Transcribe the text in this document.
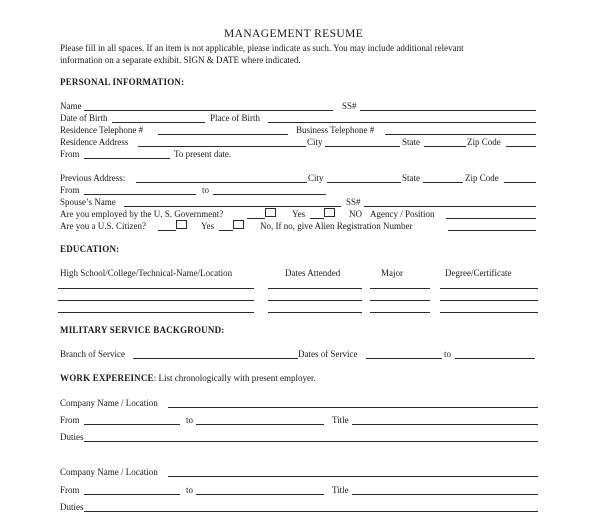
MANAGEMENT RESUME
Please fill in all spaces. If an item is not applicable, please indicate as such. You may include additional relevant
information on a separate exhibit. SIGN & DATE where indicated.
PERSONAL INFORMATION:
Name	SS#
Date of Birth	Place of Birth
Residence Telephone #	Business Telephone #
Residence Address	City	State	Zip Code
From	To present date.
Previous Address:	City	State	Zip Code
From	to
Spouse’s Name	SS#
Are you employed by the U. S. Government?	Yes	NO Agency / Position
Are you a U.S. Citizen?	Yes	No, If no, give Alien Registration Number
EDUCATION:
High School/College/Technical-Name/Location	Dates Attended	Major	Degree/Certificate
MILITARY SERVICE BACKGROUND:
Branch of Service	Dates of Service	to
WORK EXPEREINCE: List chronologically with present employer.
Company Name / Location
From	to	Title
Duties
Company Name / Location
From	to	Title
Duties
